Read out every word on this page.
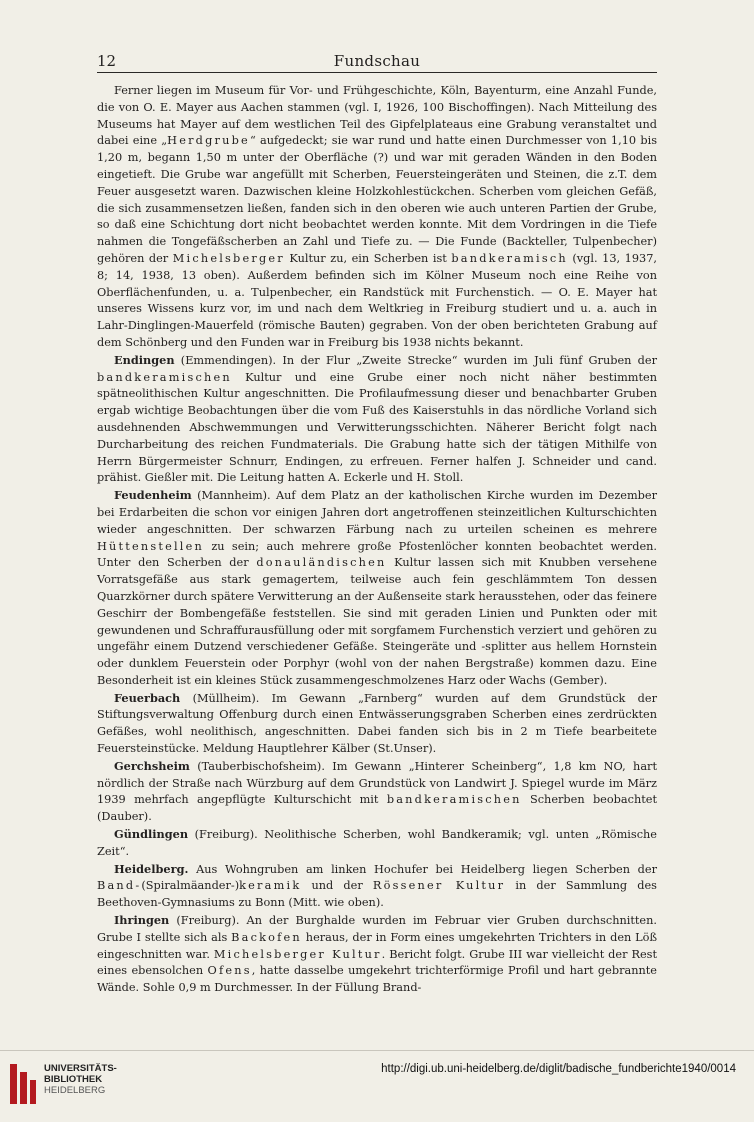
12	Fundschau

Ferner liegen im Museum für Vor- und Frühgeschichte, Köln, Bayenturm, eine Anzahl Funde, die von O. E. Mayer aus Aachen stammen (vgl. I, 1926, 100 Bischoffingen). Nach Mitteilung des Museums hat Mayer auf dem westlichen Teil des Gipfelplateaus eine Grabung veranstaltet und dabei eine „Herdgrube“ aufgedeckt; sie war rund und hatte einen Durchmesser von 1,10 bis 1,20 m, begann 1,50 m unter der Oberfläche (?) und war mit geraden Wänden in den Boden eingetieft. Die Grube war angefüllt mit Scherben, Feuersteingeräten und Steinen, die z.T. dem Feuer ausgesetzt waren. Dazwischen kleine Holzkohlestückchen. Scherben vom gleichen Gefäß, die sich zusammensetzen ließen, fanden sich in den oberen wie auch unteren Partien der Grube, so daß eine Schichtung dort nicht beobachtet werden konnte. Mit dem Vordringen in die Tiefe nahmen die Tongefäßscherben an Zahl und Tiefe zu. — Die Funde (Backteller, Tulpenbecher) gehören der Michelsberger Kultur zu, ein Scherben ist bandkeramisch (vgl. 13, 1937, 8; 14, 1938, 13 oben). Außerdem befinden sich im Kölner Museum noch eine Reihe von Oberflächenfunden, u. a. Tulpenbecher, ein Randstück mit Furchenstich. — O. E. Mayer hat unseres Wissens kurz vor, im und nach dem Weltkrieg in Freiburg studiert und u. a. auch in Lahr-Dinglingen-Mauerfeld (römische Bauten) gegraben. Von der oben berichteten Grabung auf dem Schönberg und den Funden war in Freiburg bis 1938 nichts bekannt.

Endingen (Emmendingen). In der Flur „Zweite Strecke“ wurden im Juli fünf Gruben der bandkeramischen Kultur und eine Grube einer noch nicht näher bestimmten spätneolithischen Kultur angeschnitten. Die Profilaufmessung dieser und benachbarter Gruben ergab wichtige Beobachtungen über die vom Fuß des Kaiserstuhls in das nördliche Vorland sich ausdehnenden Abschwemmungen und Verwitterungsschichten. Näherer Bericht folgt nach Durcharbeitung des reichen Fundmaterials. Die Grabung hatte sich der tätigen Mithilfe von Herrn Bürgermeister Schnurr, Endingen, zu erfreuen. Ferner halfen J. Schneider und cand. prähist. Gießler mit. Die Leitung hatten A. Eckerle und H. Stoll.

Feudenheim (Mannheim). Auf dem Platz an der katholischen Kirche wurden im Dezember bei Erdarbeiten die schon vor einigen Jahren dort angetroffenen steinzeitlichen Kulturschichten wieder angeschnitten. Der schwarzen Färbung nach zu urteilen scheinen es mehrere Hüttenstellen zu sein; auch mehrere große Pfostenlöcher konnten beobachtet werden. Unter den Scherben der donauländischen Kultur lassen sich mit Knubben versehene Vorratsgefäße aus stark gemagertem, teilweise auch fein geschlämmtem Ton dessen Quarzkörner durch spätere Verwitterung an der Außenseite stark herausstehen, oder das feinere Geschirr der Bombengefäße feststellen. Sie sind mit geraden Linien und Punkten oder mit gewundenen und Schraffurausfüllung oder mit sorgfamem Furchenstich verziert und gehören zu ungefähr einem Dutzend verschiedener Gefäße. Steingeräte und -splitter aus hellem Hornstein oder dunklem Feuerstein oder Porphyr (wohl von der nahen Bergstraße) kommen dazu. Eine Besonderheit ist ein kleines Stück zusammengeschmolzenes Harz oder Wachs (Gember).

Feuerbach (Müllheim). Im Gewann „Farnberg“ wurden auf dem Grundstück der Stiftungsverwaltung Offenburg durch einen Entwässerungsgraben Scherben eines zerdrückten Gefäßes, wohl neolithisch, angeschnitten. Dabei fanden sich bis in 2 m Tiefe bearbeitete Feuersteinstücke. Meldung Hauptlehrer Kälber (St.Unser).

Gerchsheim (Tauberbischofsheim). Im Gewann „Hinterer Scheinberg“, 1,8 km NO, hart nördlich der Straße nach Würzburg auf dem Grundstück von Landwirt J. Spiegel wurde im März 1939 mehrfach angepflügte Kulturschicht mit bandkeramischen Scherben beobachtet (Dauber).

Gündlingen (Freiburg). Neolithische Scherben, wohl Bandkeramik; vgl. unten „Römische Zeit“.

Heidelberg. Aus Wohngruben am linken Hochufer bei Heidelberg liegen Scherben der Band-(Spiralmäander-)keramik und der Rössener Kultur in der Sammlung des Beethoven-Gymnasiums zu Bonn (Mitt. wie oben).

Ihringen (Freiburg). An der Burghalde wurden im Februar vier Gruben durchschnitten. Grube I stellte sich als Backofen heraus, der in Form eines umgekehrten Trichters in den Löß eingeschnitten war. Michelsberger Kultur. Bericht folgt. Grube III war vielleicht der Rest eines ebensolchen Ofens, hatte dasselbe umgekehrt trichterförmige Profil und hart gebrannte Wände. Sohle 0,9 m Durchmesser. In der Füllung Brand-

UNIVERSITÄTS-
BIBLIOTHEK
HEIDELBERG
http://digi.ub.uni-heidelberg.de/diglit/badische_fundberichte1940/0014
